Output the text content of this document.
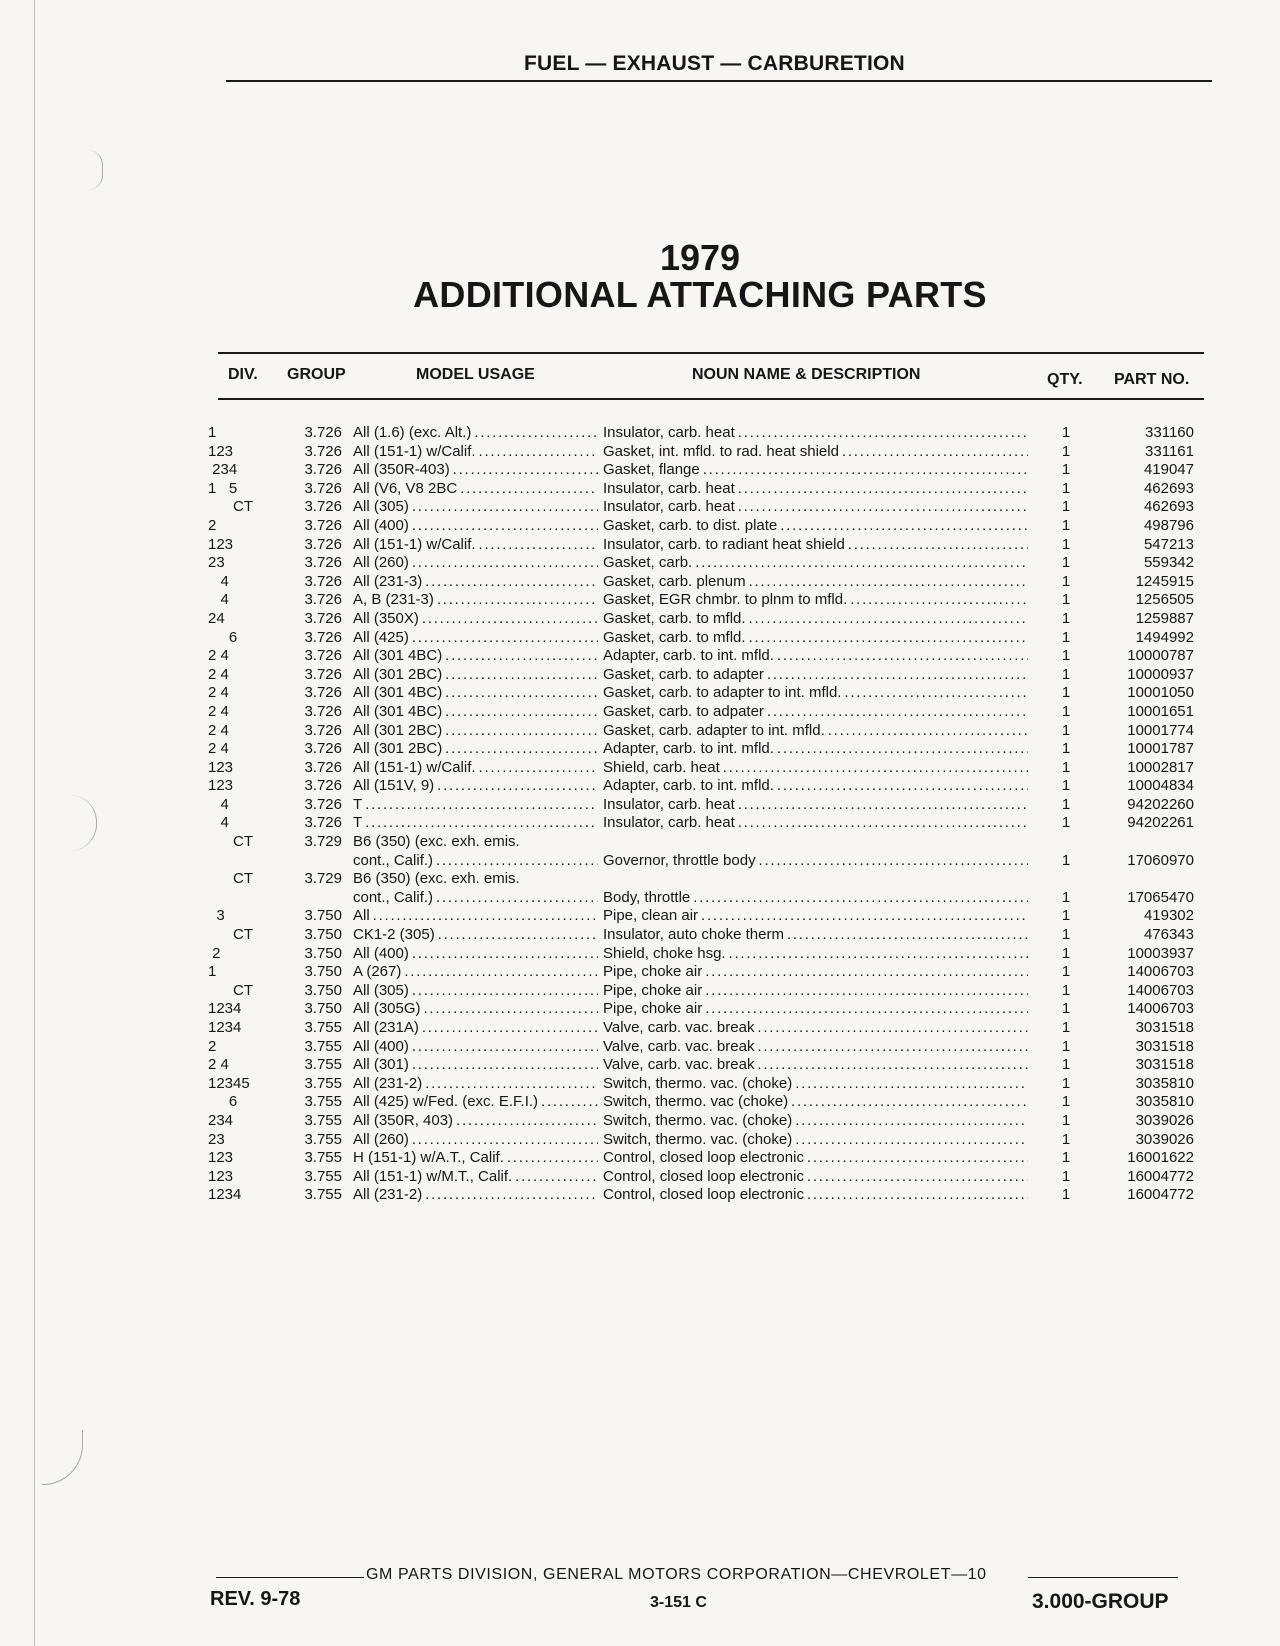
FUEL — EXHAUST — CARBURETION
1979
ADDITIONAL ATTACHING PARTS
DIV. GROUP	MODEL USAGE	NOUN NAME & DESCRIPTION	QTY. PART NO.
1	3.726 All (1.6) (exc. Alt.) . . .	Insulator, carb. heat . . .	1	331160
123	3.726 All (151-1) w/Calif. . . .	Gasket, int. mfld. to rad. heat shield . . .	1	331161
234	3.726 All (350R-403) . . .	Gasket, flange . . .	1	419047
1   5	3.726 All (V6, V8 2BC . . .	Insulator, carb. heat . . .	1	462693
CT	3.726 All (305) . . .	Insulator, carb. heat . . .	1	462693
2	3.726 All (400) . . .	Gasket, carb. to dist. plate . . .	1	498796
123	3.726 All (151-1) w/Calif. . . .	Insulator, carb. to radiant heat shield . . .	1	547213
23	3.726 All (260) . . .	Gasket, carb. . . .	1	559342
4	3.726 All (231-3) . . .	Gasket, carb. plenum . . .	1	1245915
4	3.726 A, B (231-3) . . .	Gasket, EGR chmbr. to plnm to mfld. . . .	1	1256505
24	3.726 All (350X) . . .	Gasket, carb. to mfld. . . .	1	1259887
6	3.726 All (425) . . .	Gasket, carb. to mfld. . . .	1	1494992
2 4	3.726 All (301 4BC) . . .	Adapter, carb. to int. mfld. . . .	1	10000787
2 4	3.726 All (301 2BC) . . .	Gasket, carb. to adapter . . .	1	10000937
2 4	3.726 All (301 4BC) . . .	Gasket, carb. to adapter to int. mfld. . . .	1	10001050
2 4	3.726 All (301 4BC) . . .	Gasket, carb. to adpater . . .	1	10001651
2 4	3.726 All (301 2BC) . . .	Gasket, carb. adapter to int. mfld. . . .	1	10001774
2 4	3.726 All (301 2BC) . . .	Adapter, carb. to int. mfld. . . .	1	10001787
123	3.726 All (151-1) w/Calif. . . .	Shield, carb. heat . . .	1	10002817
123	3.726 All (151V, 9) . . .	Adapter, carb. to int. mfld. . . .	1	10004834
4	3.726 T . . .	Insulator, carb. heat . . .	1	94202260
4	3.726 T . . .	Insulator, carb. heat . . .	1	94202261
CT	3.729 B6 (350) (exc. exh. emis.
cont., Calif.) . . .	Governor, throttle body . . .	1	17060970
CT	3.729 B6 (350) (exc. exh. emis.
cont., Calif.) . . .	Body, throttle . . .	1	17065470
3	3.750 All . . .	Pipe, clean air . . .	1	419302
CT	3.750 CK1-2 (305) . . .	Insulator, auto choke therm . . .	1	476343
2	3.750 All (400) . . .	Shield, choke hsg. . . .	1	10003937
1	3.750 A (267) . . .	Pipe, choke air . . .	1	14006703
CT	3.750 All (305) . . .	Pipe, choke air . . .	1	14006703
1234	3.750 All (305G) . . .	Pipe, choke air . . .	1	14006703
1234	3.755 All (231A) . . .	Valve, carb. vac. break . . .	1	3031518
2	3.755 All (400) . . .	Valve, carb. vac. break . . .	1	3031518
2 4	3.755 All (301) . . .	Valve, carb. vac. break . . .	1	3031518
12345	3.755 All (231-2) . . .	Switch, thermo. vac. (choke) . . .	1	3035810
6	3.755 All (425) w/Fed. (exc. E.F.I.) . . .	Switch, thermo. vac (choke) . . .	1	3035810
234	3.755 All (350R, 403) . . .	Switch, thermo. vac. (choke) . . .	1	3039026
23	3.755 All (260) . . .	Switch, thermo. vac. (choke) . . .	1	3039026
123	3.755 H (151-1) w/A.T., Calif. . . .	Control, closed loop electronic . . .	1	16001622
123	3.755 All (151-1) w/M.T., Calif. . . .	Control, closed loop electronic . . .	1	16004772
1234	3.755 All (231-2) . . .	Control, closed loop electronic . . .	1	16004772
GM PARTS DIVISION, GENERAL MOTORS CORPORATION—CHEVROLET—10
REV. 9-78	3-151 C	3.000-GROUP
